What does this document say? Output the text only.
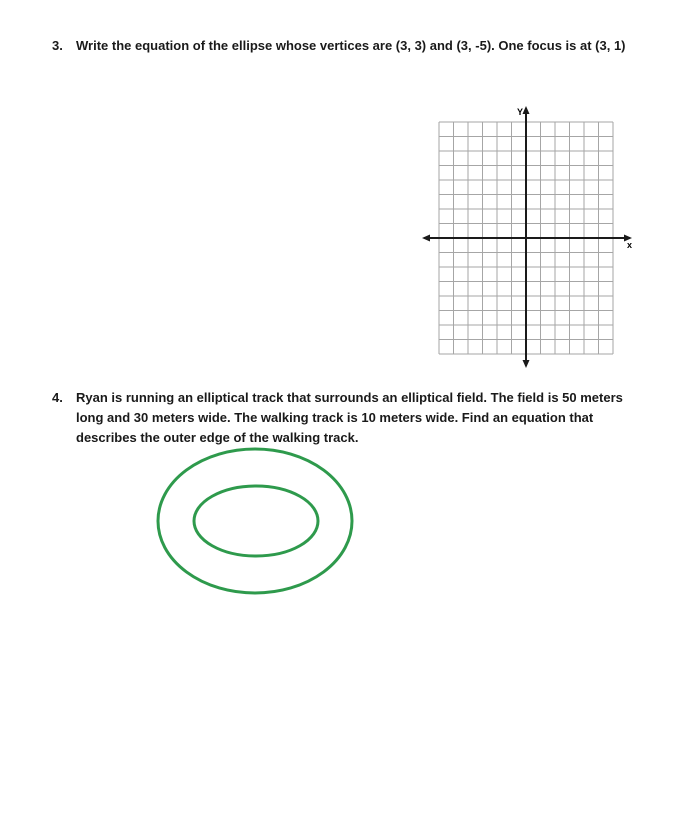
3. Write the equation of the ellipse whose vertices are (3, 3) and (3, -5). One focus is at (3, 1)
Y
x
4. Ryan is running an elliptical track that surrounds an elliptical field. The field is 50 meters long and 30 meters wide. The walking track is 10 meters wide. Find an equation that describes the outer edge of the walking track.
